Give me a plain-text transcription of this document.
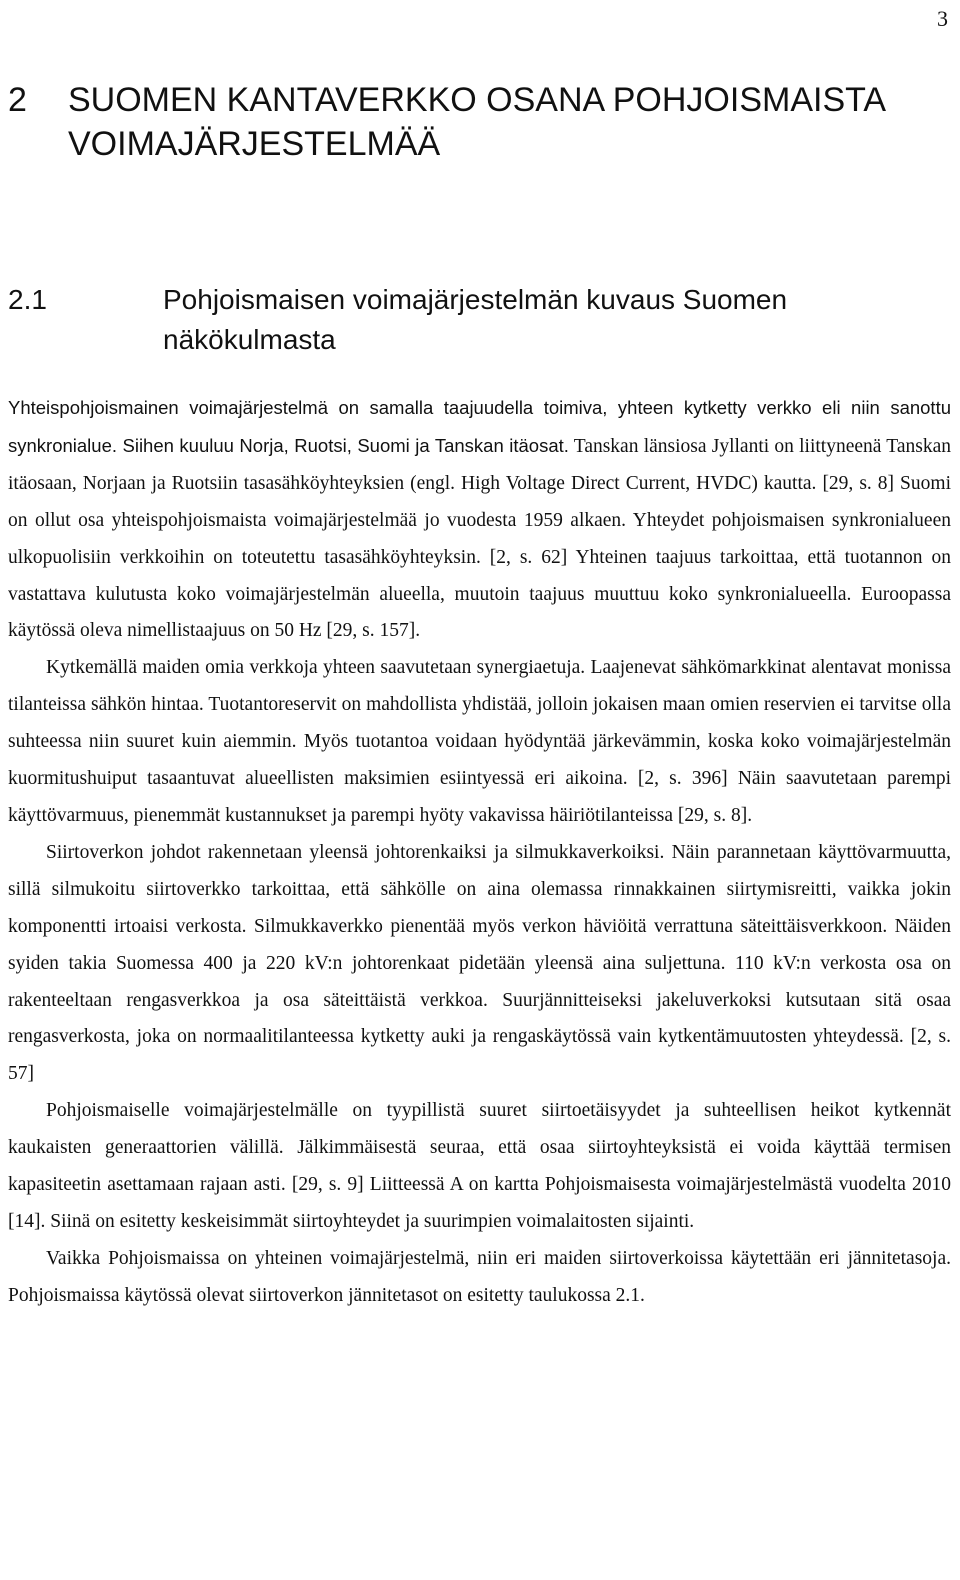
3
2	SUOMEN KANTAVERKKO OSANA POHJOISMAISTA VOIMAJÄRJESTELMÄÄ
2.1	Pohjoismaisen voimajärjestelmän kuvaus Suomen näkökulmasta

Yhteispohjoismainen voimajärjestelmä on samalla taajuudella toimiva, yhteen kytketty verkko eli niin sanottu synkronialue. Siihen kuuluu Norja, Ruotsi, Suomi ja Tanskan itäosat. Tanskan länsiosa Jyllanti on liittyneenä Tanskan itäosaan, Norjaan ja Ruotsiin tasasähköyhteyksien (engl. High Voltage Direct Current, HVDC) kautta. [29, s. 8] Suomi on ollut osa yhteispohjoismaista voimajärjestelmää jo vuodesta 1959 alkaen. Yhteydet pohjoismaisen synkronialueen ulkopuolisiin verkkoihin on toteutettu tasasähköyhteyksin. [2, s. 62] Yhteinen taajuus tarkoittaa, että tuotannon on vastattava kulutusta koko voimajärjestelmän alueella, muutoin taajuus muuttuu koko synkronialueella. Euroopassa käytössä oleva nimellistaajuus on 50 Hz [29, s. 157].

Kytkemällä maiden omia verkkoja yhteen saavutetaan synergiaetuja. Laajenevat sähkömarkkinat alentavat monissa tilanteissa sähkön hintaa. Tuotantoreservit on mahdollista yhdistää, jolloin jokaisen maan omien reservien ei tarvitse olla suhteessa niin suuret kuin aiemmin. Myös tuotantoa voidaan hyödyntää järkevämmin, koska koko voimajärjestelmän kuormitushuiput tasaantuvat alueellisten maksimien esiintyessä eri aikoina. [2, s. 396] Näin saavutetaan parempi käyttövarmuus, pienemmät kustannukset ja parempi hyöty vakavissa häiriötilanteissa [29, s. 8].

Siirtoverkon johdot rakennetaan yleensä johtorenkaiksi ja silmukkaverkoiksi. Näin parannetaan käyttövarmuutta, sillä silmukoitu siirtoverkko tarkoittaa, että sähkölle on aina olemassa rinnakkainen siirtymisreitti, vaikka jokin komponentti irtoaisi verkosta. Silmukkaverkko pienentää myös verkon häviöitä verrattuna säteittäisverkkoon. Näiden syiden takia Suomessa 400 ja 220 kV:n johtorenkaat pidetään yleensä aina suljettuna. 110 kV:n verkosta osa on rakenteeltaan rengasverkkoa ja osa säteittäistä verkkoa. Suurjännitteiseksi jakeluverkoksi kutsutaan sitä osaa rengasverkosta, joka on normaalitilanteessa kytketty auki ja rengaskäytössä vain kytkentämuutosten yhteydessä. [2, s. 57]

Pohjoismaiselle voimajärjestelmälle on tyypillistä suuret siirtoetäisyydet ja suhteellisen heikot kytkennät kaukaisten generaattorien välillä. Jälkimmäisestä seuraa, että osaa siirtoyhteyksistä ei voida käyttää termisen kapasiteetin asettamaan rajaan asti. [29, s. 9] Liitteessä A on kartta Pohjoismaisesta voimajärjestelmästä vuodelta 2010 [14]. Siinä on esitetty keskeisimmät siirtoyhteydet ja suurimpien voimalaitosten sijainti.

Vaikka Pohjoismaissa on yhteinen voimajärjestelmä, niin eri maiden siirtoverkoissa käytettään eri jännitetasoja. Pohjoismaissa käytössä olevat siirtoverkon jännitetasot on esitetty taulukossa 2.1.
